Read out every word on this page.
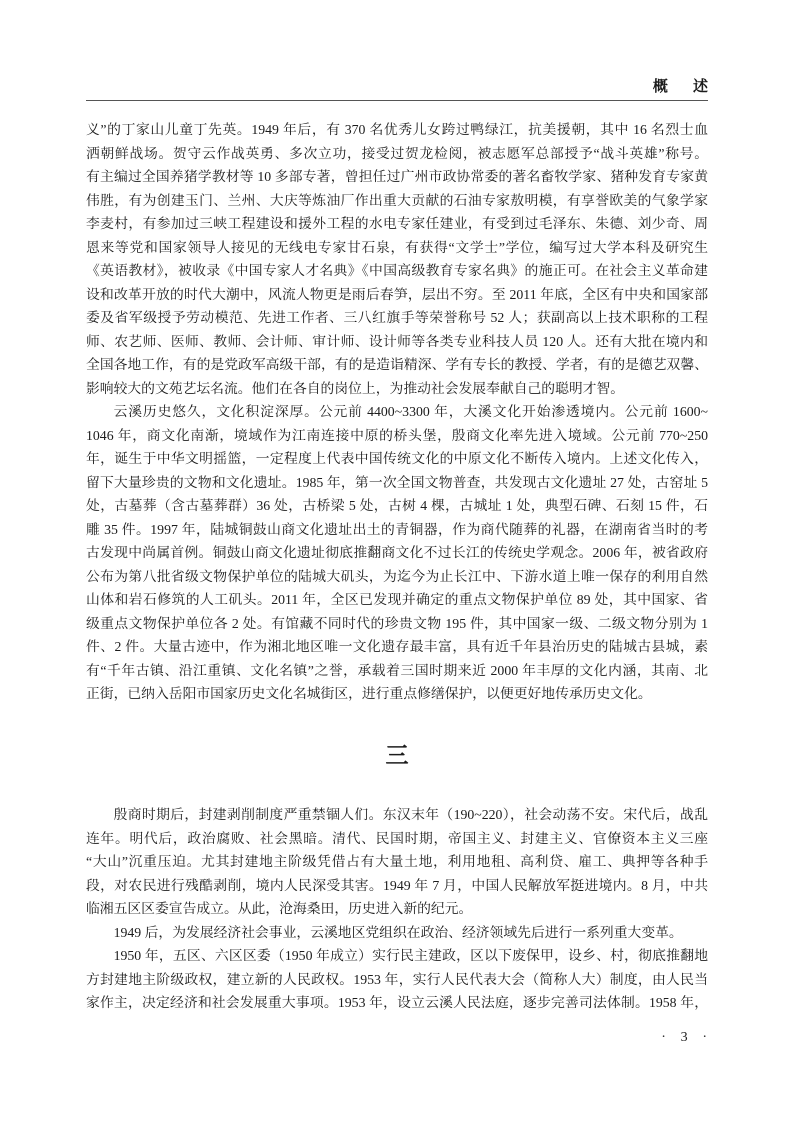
概 述
义”的丁家山儿童丁先英。1949 年后，有 370 名优秀儿女跨过鸭绿江，抗美援朝，其中 16 名烈士血
洒朝鲜战场。贺守云作战英勇、多次立功，接受过贺龙检阅，被志愿军总部授予“战斗英雄”称号。
有主编过全国养猪学教材等 10 多部专著，曾担任过广州市政协常委的著名畜牧学家、猪种发育专家黄
伟胜，有为创建玉门、兰州、大庆等炼油厂作出重大贡献的石油专家敖明模，有享誉欧美的气象学家
李麦村，有参加过三峡工程建设和援外工程的水电专家任建业，有受到过毛泽东、朱德、刘少奇、周
恩来等党和国家领导人接见的无线电专家甘石泉，有获得“文学士”学位，编写过大学本科及研究生
《英语教材》，被收录《中国专家人才名典》《中国高级教育专家名典》的施正可。在社会主义革命建
设和改革开放的时代大潮中，风流人物更是雨后春笋，层出不穷。至 2011 年底，全区有中央和国家部
委及省军级授予劳动模范、先进工作者、三八红旗手等荣誉称号 52 人；获副高以上技术职称的工程
师、农艺师、医师、教师、会计师、审计师、设计师等各类专业科技人员 120 人。还有大批在境内和
全国各地工作，有的是党政军高级干部，有的是造诣精深、学有专长的教授、学者，有的是德艺双馨、
影响较大的文苑艺坛名流。他们在各自的岗位上，为推动社会发展奉献自己的聪明才智。
云溪历史悠久，文化积淀深厚。公元前 4400~3300 年，大溪文化开始渗透境内。公元前 1600~
1046 年，商文化南渐，境域作为江南连接中原的桥头堡，殷商文化率先进入境域。公元前 770~250
年，诞生于中华文明摇篮，一定程度上代表中国传统文化的中原文化不断传入境内。上述文化传入，
留下大量珍贵的文物和文化遗址。1985 年，第一次全国文物普查，共发现古文化遗址 27 处，古窑址 5
处，古墓葬（含古墓葬群）36 处，古桥梁 5 处，古树 4 棵，古城址 1 处，典型石碑、石刻 15 件，石
雕 35 件。1997 年，陆城铜鼓山商文化遗址出土的青铜器，作为商代随葬的礼器，在湖南省当时的考
古发现中尚属首例。铜鼓山商文化遗址彻底推翻商文化不过长江的传统史学观念。2006 年，被省政府
公布为第八批省级文物保护单位的陆城大矶头，为迄今为止长江中、下游水道上唯一保存的利用自然
山体和岩石修筑的人工矶头。2011 年，全区已发现并确定的重点文物保护单位 89 处，其中国家、省
级重点文物保护单位各 2 处。有馆藏不同时代的珍贵文物 195 件，其中国家一级、二级文物分别为 1
件、2 件。大量古迹中，作为湘北地区唯一文化遗存最丰富，具有近千年县治历史的陆城古县城，素
有“千年古镇、沿江重镇、文化名镇”之誉，承载着三国时期来近 2000 年丰厚的文化内涵，其南、北
正街，已纳入岳阳市国家历史文化名城街区，进行重点修缮保护，以便更好地传承历史文化。
三
殷商时期后，封建剥削制度严重禁锢人们。东汉末年（190~220），社会动荡不安。宋代后，战乱
连年。明代后，政治腐败、社会黑暗。清代、民国时期，帝国主义、封建主义、官僚资本主义三座
“大山”沉重压迫。尤其封建地主阶级凭借占有大量土地，利用地租、高利贷、雇工、典押等各种手
段，对农民进行残酷剥削，境内人民深受其害。1949 年 7 月，中国人民解放军挺进境内。8 月，中共
临湘五区区委宣告成立。从此，沧海桑田，历史进入新的纪元。
1949 后，为发展经济社会事业，云溪地区党组织在政治、经济领域先后进行一系列重大变革。
1950 年，五区、六区区委（1950 年成立）实行民主建政，区以下废保甲，设乡、村，彻底推翻地
方封建地主阶级政权，建立新的人民政权。1953 年，实行人民代表大会（简称人大）制度，由人民当
家作主，决定经济和社会发展重大事项。1953 年，设立云溪人民法庭，逐步完善司法体制。1958 年，
· 3 ·
